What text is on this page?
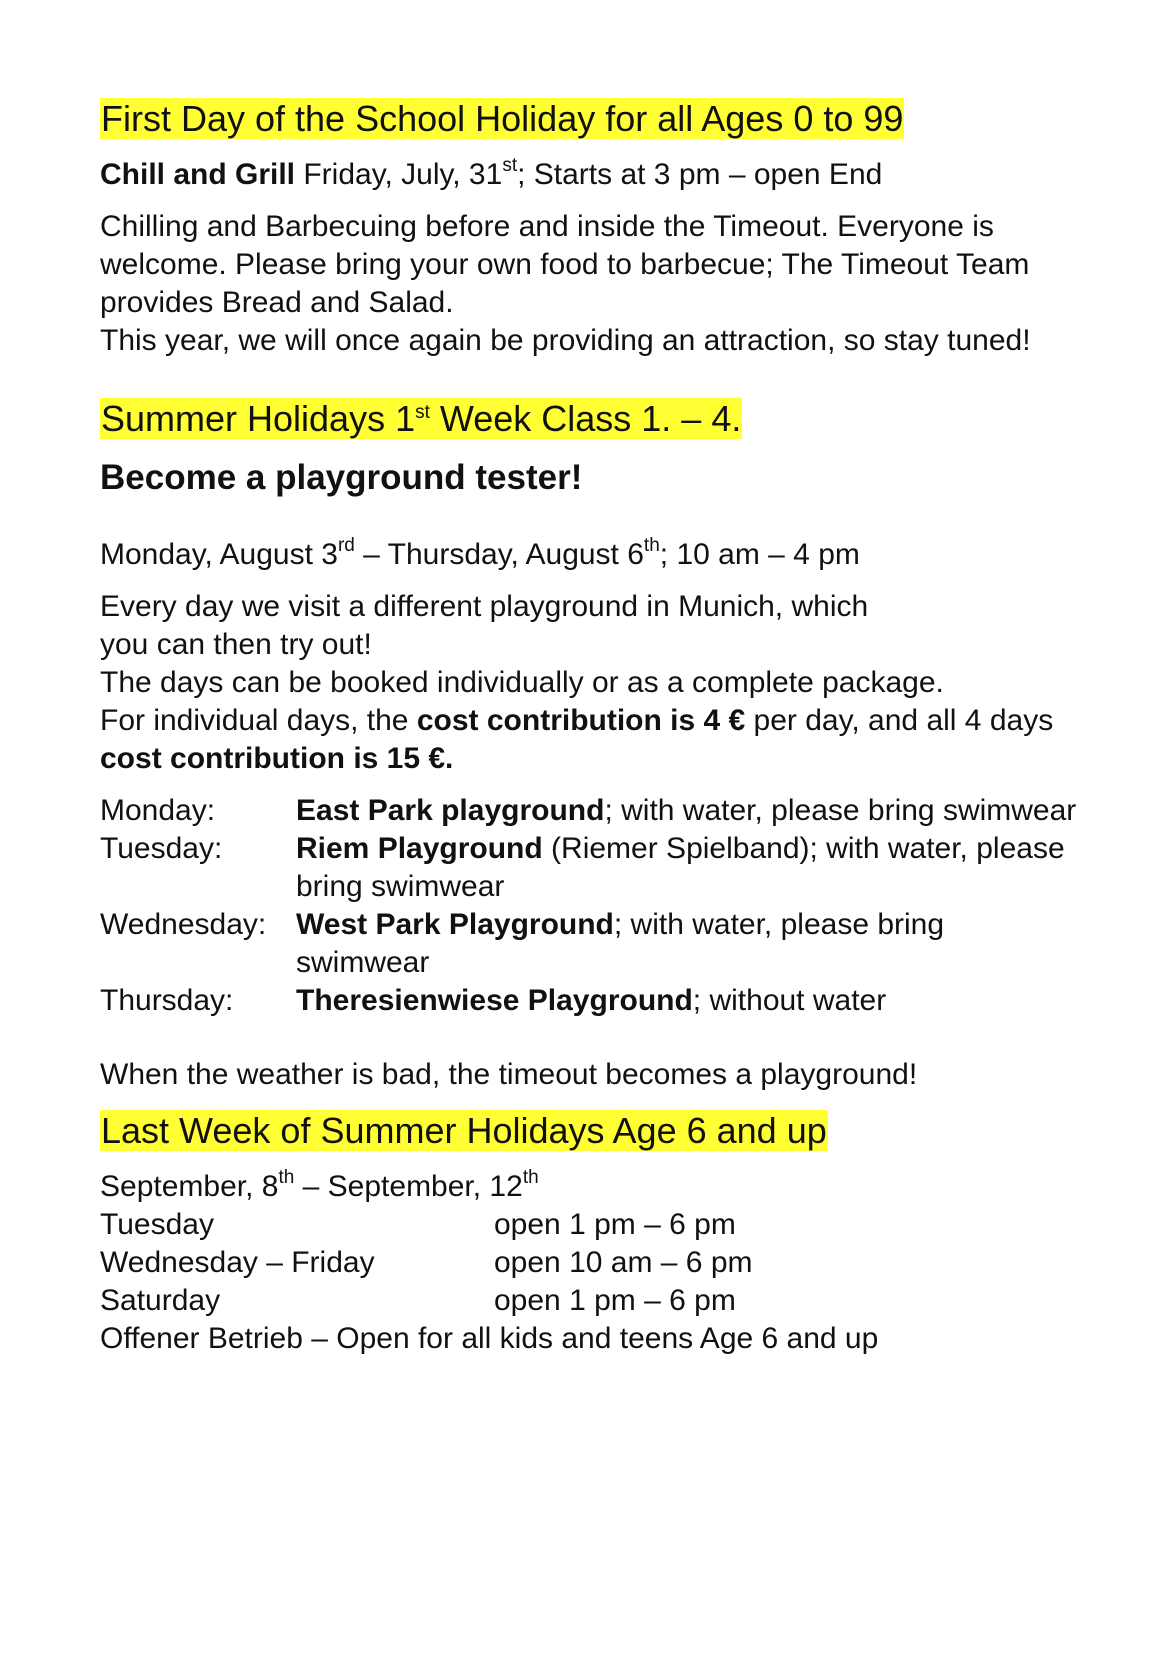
First Day of the School Holiday for all Ages 0 to 99

Chill and Grill Friday, July, 31st; Starts at 3 pm – open End

Chilling and Barbecuing before and inside the Timeout. Everyone is welcome. Please bring your own food to barbecue; The Timeout Team provides Bread and Salad.

This year, we will once again be providing an attraction, so stay tuned!

Summer Holidays 1st Week Class 1. – 4.
Become a playground tester!

Monday, August 3rd – Thursday, August 6th; 10 am – 4 pm

Every day we visit a different playground in Munich, which you can then try out!

The days can be booked individually or as a complete package.

For individual days, the cost contribution is 4 € per day, and all 4 days cost contribution is 15 €.

Monday:	East Park playground; with water, please bring swimwear
Tuesday:	Riem Playground (Riemer Spielband); with water, please bring swimwear
Wednesday: West Park Playground; with water, please bring swimwear
Thursday:	Theresienwiese Playground; without water

When the weather is bad, the timeout becomes a playground!

Last Week of Summer Holidays Age 6 and up

September, 8th – September, 12th

Tuesday	open 1 pm – 6 pm
Wednesday – Friday	open 10 am – 6 pm
Saturday	open 1 pm – 6 pm

Offener Betrieb – Open for all kids and teens Age 6 and up
